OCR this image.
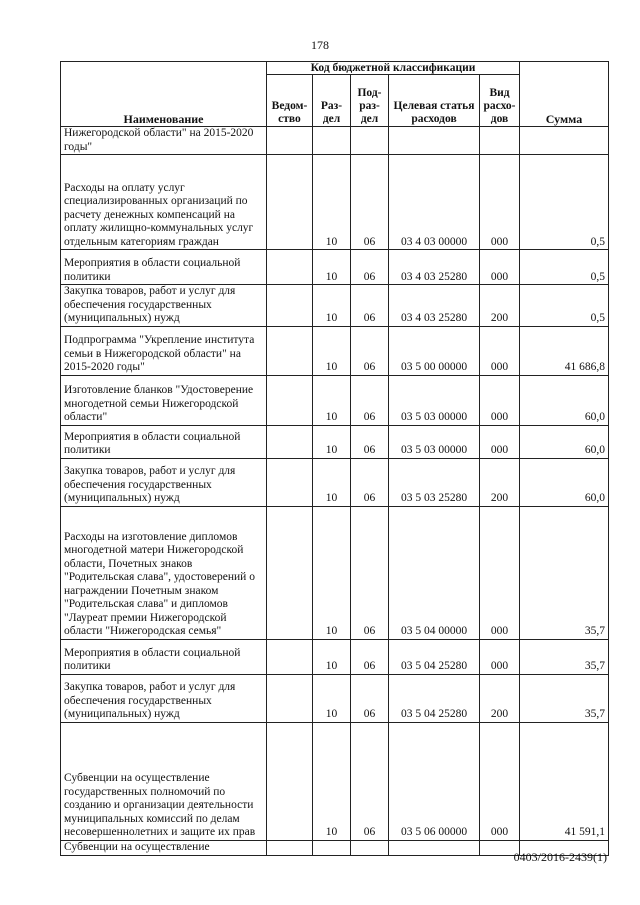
178
Наименование	Код бюджетной классификации					Сумма
	Ведом-ство	Раз-дел	Под-раз-дел	Целевая статья расходов	Вид расхо-дов	
Нижегородской области" на 2015-2020 годы"						
Расходы на оплату услуг специализированных организаций по расчету денежных компенсаций на оплату жилищно-коммунальных услуг отдельным категориям граждан		10	06	03 4 03 00000	000	0,5
Мероприятия в области социальной политики		10	06	03 4 03 25280	000	0,5
Закупка товаров, работ и услуг для обеспечения государственных (муниципальных) нужд		10	06	03 4 03 25280	200	0,5
Подпрограмма "Укрепление института семьи в Нижегородской области" на 2015-2020 годы"		10	06	03 5 00 00000	000	41 686,8
Изготовление бланков "Удостоверение многодетной семьи Нижегородской области"		10	06	03 5 03 00000	000	60,0
Мероприятия в области социальной политики		10	06	03 5 03 00000	000	60,0
Закупка товаров, работ и услуг для обеспечения государственных (муниципальных) нужд		10	06	03 5 03 25280	200	60,0
Расходы на изготовление дипломов многодетной матери Нижегородской области, Почетных знаков "Родительская слава", удостоверений о награждении Почетным знаком "Родительская слава" и дипломов "Лауреат премии Нижегородской области "Нижегородская семья"		10	06	03 5 04 00000	000	35,7
Мероприятия в области социальной политики		10	06	03 5 04 25280	000	35,7
Закупка товаров, работ и услуг для обеспечения государственных (муниципальных) нужд		10	06	03 5 04 25280	200	35,7
Субвенции на осуществление государственных полномочий по созданию и организации деятельности муниципальных комиссий по делам несовершеннолетних и защите их прав		10	06	03 5 06 00000	000	41 591,1
Субвенции на осуществление						
0403/2016-2439(1)
